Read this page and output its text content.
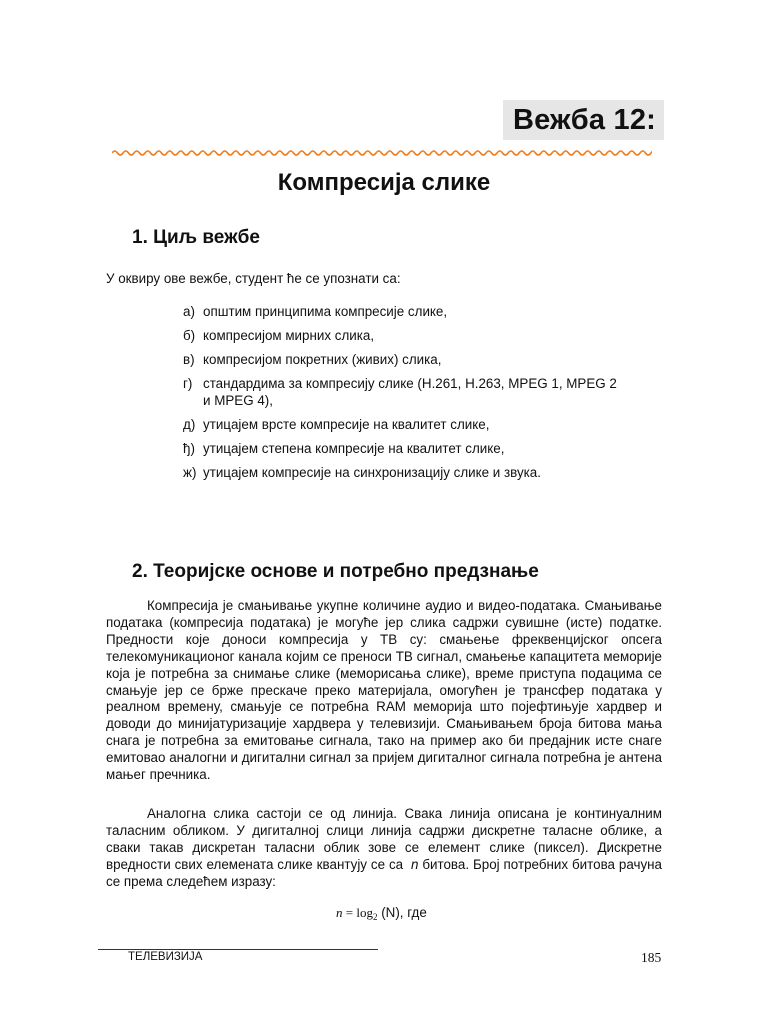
Вежба 12:
Компресија слике
1. Циљ вежбе
У оквиру ове вежбе, студент ће се упознати са:
а) општим принципима компресије слике,
б) компресијом мирних слика,
в) компресијом покретних (живих) слика,
г) стандардима за компресију слике (H.261, H.263, MPEG 1, MPEG 2 и MPEG 4),
д) утицајем врсте компресије на квалитет слике,
ђ) утицајем степена компресије на квалитет слике,
ж) утицајем компресије на синхронизацију слике и звука.
2. Теоријске основе и потребно предзнање

Компресија је смањивање укупне количине аудио и видео-података. Смањивање података (компресија података) је могуће јер слика садржи сувишне (исте) податке. Предности које доноси компресија у ТВ су: смањење фреквенцијског опсега телекомуникационог канала којим се преноси ТВ сигнал, смањење капацитета меморије која је потребна за снимање слике (меморисања слике), време приступа подацима се смањује јер се брже прескаче преко материјала, омогућен је трансфер података у реалном времену, смањује се потребна RAM меморија што појефтињује хардвер и доводи до минијатуризације хардвера у телевизији. Смањивањем броја битова мања снага је потребна за емитовање сигнала, тако на пример ако би предајник исте снаге емитовао аналогни и дигитални сигнал за пријем дигиталног сигнала потребна је антена мањег пречника.

Аналогна слика састоји се од линија. Свака линија описана је континуалним таласним обликом. У дигиталној слици линија садржи дискретне таласне облике, а сваки такав дискретан таласни облик зове се елемент слике (пиксел). Дискретне вредности свих елемената слике квантују се са n битова. Број потребних битова рачуна се према следећем изразу:

$n = \log_2 (N)$, где
ТЕЛЕВИЗИЈА	185
